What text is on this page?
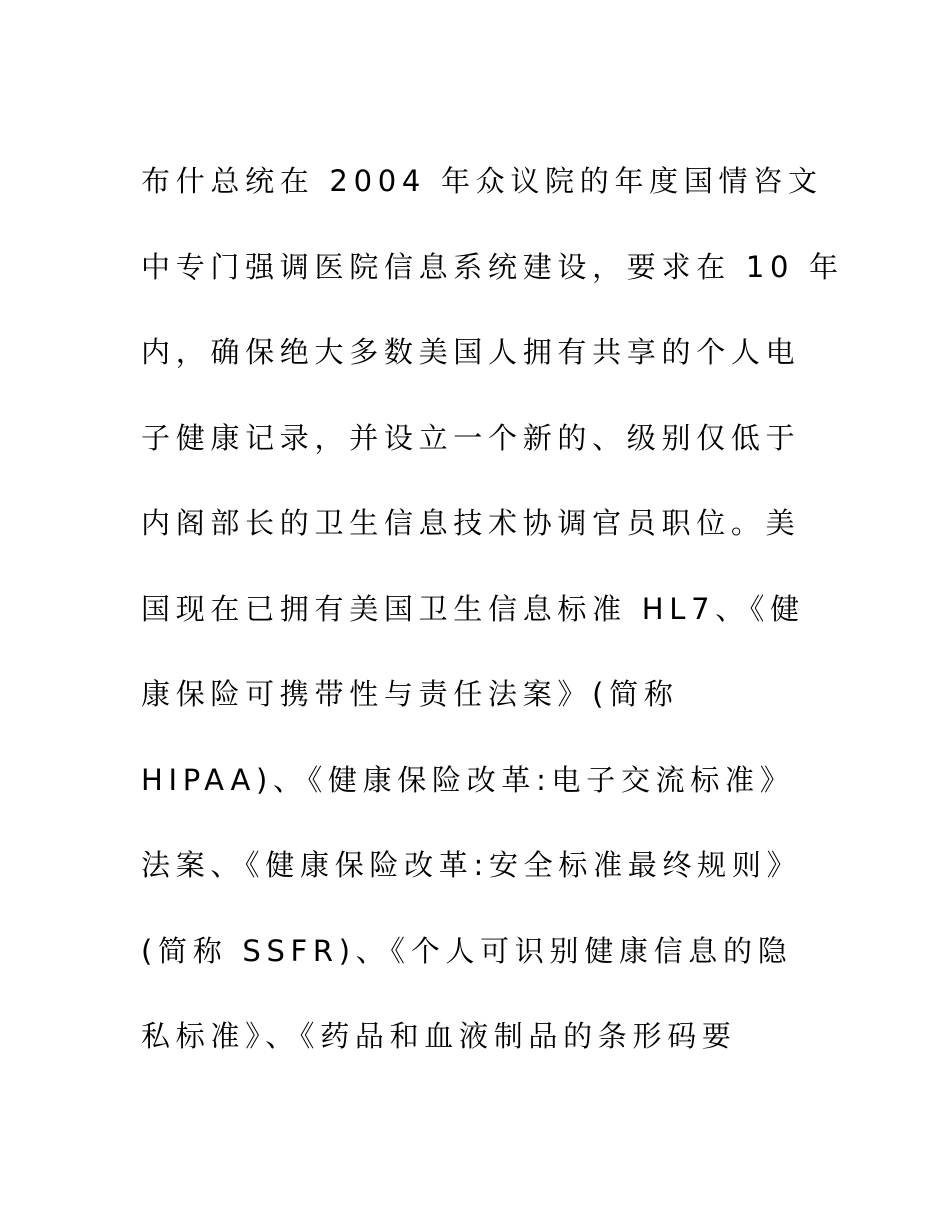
布什总统在 2004 年众议院的年度国情咨文
中专门强调医院信息系统建设，要求在 10 年
内，确保绝大多数美国人拥有共享的个人电
子健康记录，并设立一个新的、级别仅低于
内阁部长的卫生信息技术协调官员职位。美
国现在已拥有美国卫生信息标准 HL7、《健
康保险可携带性与责任法案》(简称
HIPAA)、《健康保险改革:电子交流标准》
法案、《健康保险改革:安全标准最终规则》
(简称 SSFR)、《个人可识别健康信息的隐
私标准》、《药品和血液制品的条形码要
